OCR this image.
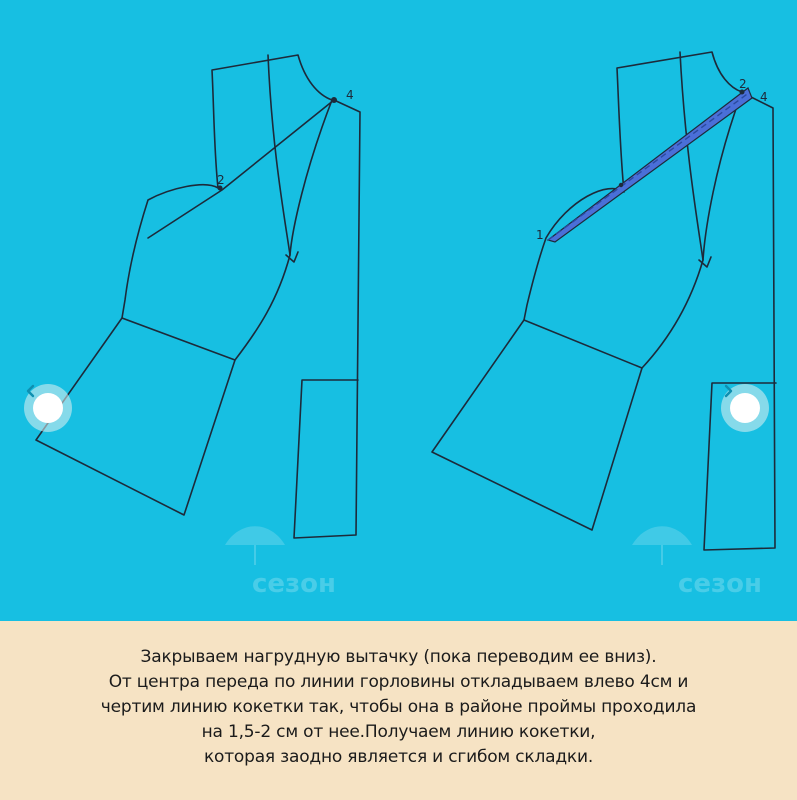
4
2
1
2
4
сезон	сезон
Закрываем нагрудную вытачку (пока переводим ее вниз).
От центра переда по линии горловины откладываем влево 4см и
чертим линию кокетки так, чтобы она в районе проймы проходила
на 1,5-2 см от нее.Получаем линию кокетки,
которая заодно является и сгибом складки.
